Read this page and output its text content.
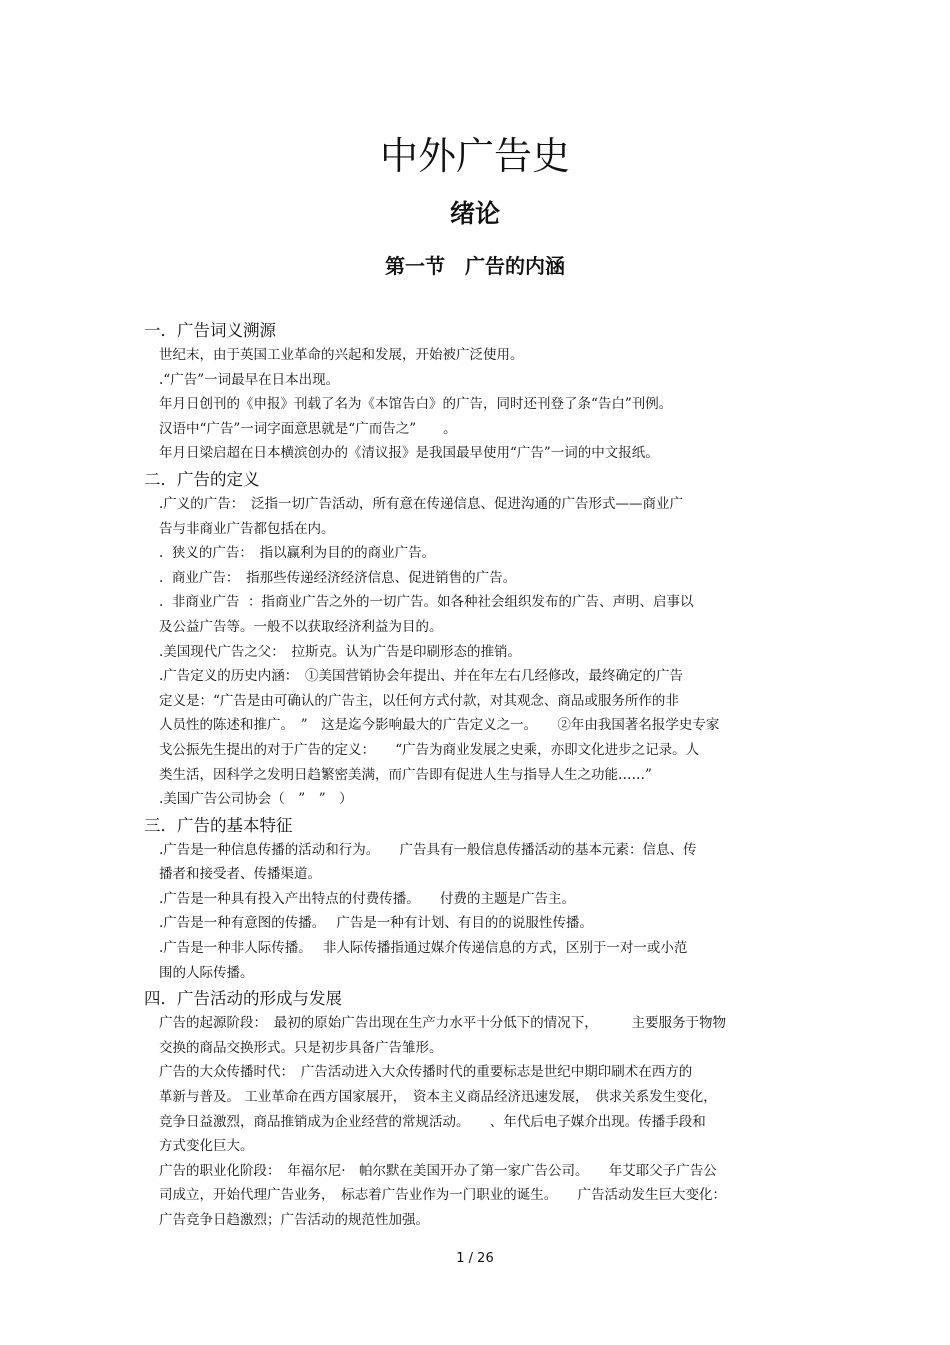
中外广告史
绪论
第一节　广告的内涵

一．广告词义溯源

世纪末，由于英国工业革命的兴起和发展，开始被广泛使用。

.“广告”一词最早在日本出现。

年月日创刊的《申报》刊载了名为《本馆告白》的广告，同时还刊登了条“告白”刊例。

汉语中“广告”一词字面意思就是“广而告之”　　。

年月日梁启超在日本横滨创办的《清议报》是我国最早使用“广告”一词的中文报纸。

二．广告的定义

.广义的广告：　泛指一切广告活动，所有意在传递信息、促进沟通的广告形式——商业广

告与非商业广告都包括在内。

.  狭义的广告：　指以赢利为目的的商业广告。

.  商业广告：　指那些传递经济经济信息、促进销售的广告。

.  非商业广告  ：指商业广告之外的一切广告。如各种社会组织发布的广告、声明、启事以

及公益广告等。一般不以获取经济利益为目的。

.美国现代广告之父：　拉斯克。认为广告是印刷形态的推销。

.广告定义的历史内涵：　①美国营销协会年提出、并在年左右几经修改，最终确定的广告

定义是：“广告是由可确认的广告主，以任何方式付款，对其观念、商品或服务所作的非

人员性的陈述和推广。　”　这是迄今影响最大的广告定义之一。　　②年由我国著名报学史专家

戈公振先生提出的对于广告的定义：　　“广告为商业发展之史乘，亦即文化进步之记录。人

类生活，因科学之发明日趋繁密美满，而广告即有促进人生与指导人生之功能……”

.美国广告公司协会（　”　”　）

三．广告的基本特征

.广告是一种信息传播的活动和行为。　　广告具有一般信息传播活动的基本元素：信息、传

播者和接受者、传播渠道。

.广告是一种具有投入产出特点的付费传播。　　付费的主题是广告主。

.广告是一种有意图的传播。　 广告是一种有计划、有目的的说服性传播。

.广告是一种非人际传播。　 非人际传播指通过媒介传递信息的方式，区别于一对一或小范

围的人际传播。

四．广告活动的形成与发展

广告的起源阶段：　最初的原始广告出现在生产力水平十分低下的情况下，　　　主要服务于物物

交换的商品交换形式。只是初步具备广告雏形。

广告的大众传播时代：　广告活动进入大众传播时代的重要标志是世纪中期印刷术在西方的

革新与普及。 工业革命在西方国家展开，　资本主义商品经济迅速发展，　供求关系发生变化，

竞争日益激烈，商品推销成为企业经营的常规活动。　　、年代后电子媒介出现。传播手段和

方式变化巨大。

广告的职业化阶段：　年福尔尼·　帕尔默在美国开办了第一家广告公司。　　年艾耶父子广告公

司成立，开始代理广告业务，　标志着广告业作为一门职业的诞生。　　广告活动发生巨大变化：

广告竞争日趋激烈；广告活动的规范性加强。

1 / 26
